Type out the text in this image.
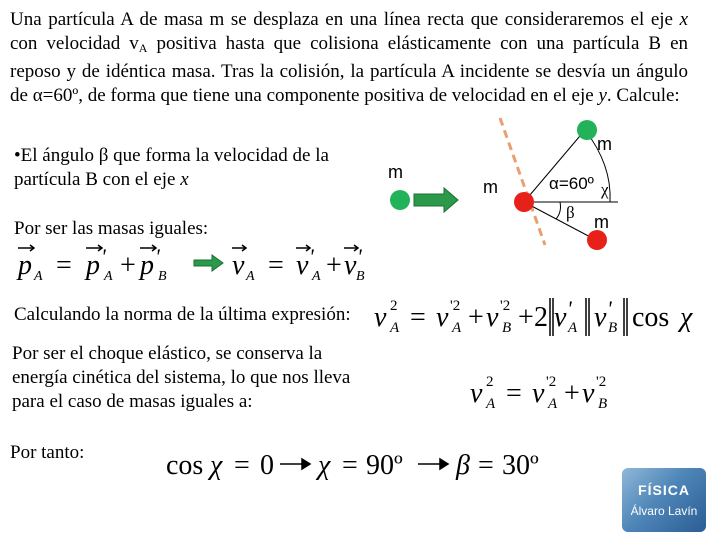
Una partícula A de masa m se desplaza en una línea recta que consideraremos el eje x con velocidad $v_A$ positiva hasta que colisiona elásticamente con una partícula B en reposo y de idéntica masa. Tras la colisión, la partícula A incidente se desvía un ángulo de α=60º, de forma que tiene una componente positiva de velocidad en el eje y. Calcule:
•El ángulo β que forma la velocidad de la partícula B con el eje x	m
m
m
m
α=60º χ
β
Por ser las masas iguales:
p A = p '
A + p '
B v A = v '
A + v '
B
Calculando la norma de la última expresión: v 2
A = v '2
A + v '2
B + 2 v '
A v '
B cos χ
Por ser el choque elástico, se conserva la
energía cinética del sistema, lo que nos lleva
para el caso de masas iguales a:	v 2
A = v '2
A + v '2
B
Por tanto:	cos χ = 0 χ = 90º β = 30º
FÍSICA
Álvaro Lavín
